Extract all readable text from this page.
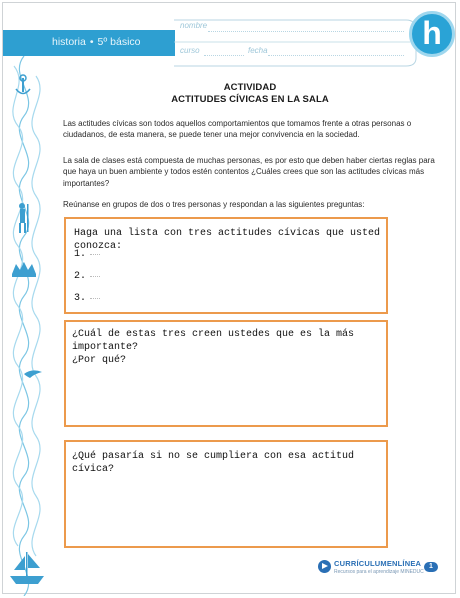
historia • 5º básico
nombre
curso	fecha	h
ACTIVIDAD
ACTITUDES CÍVICAS EN LA SALA
Las actitudes cívicas son todos aquellos comportamientos que tomamos frente a otras personas o ciudadanos, de esta manera, se puede tener una mejor convivencia en la sociedad.
La sala de clases está compuesta de muchas personas, es por esto que deben haber ciertas reglas para que haya un buen ambiente y todos estén contentos ¿Cuáles crees que son las actitudes cívicas más importantes?
Reúnanse en grupos de dos o tres personas y respondan a las siguientes preguntas:
Haga una lista con tres actitudes cívicas que usted conozca:
1.
2.
3.
¿Cuál de estas tres creen ustedes que es la más importante?
¿Por qué?
¿Qué pasaría si no se cumpliera con esa actitud cívica?
CURRÍCULUMENLÍNEA
Recursos para el aprendizaje MINEDUC
1
